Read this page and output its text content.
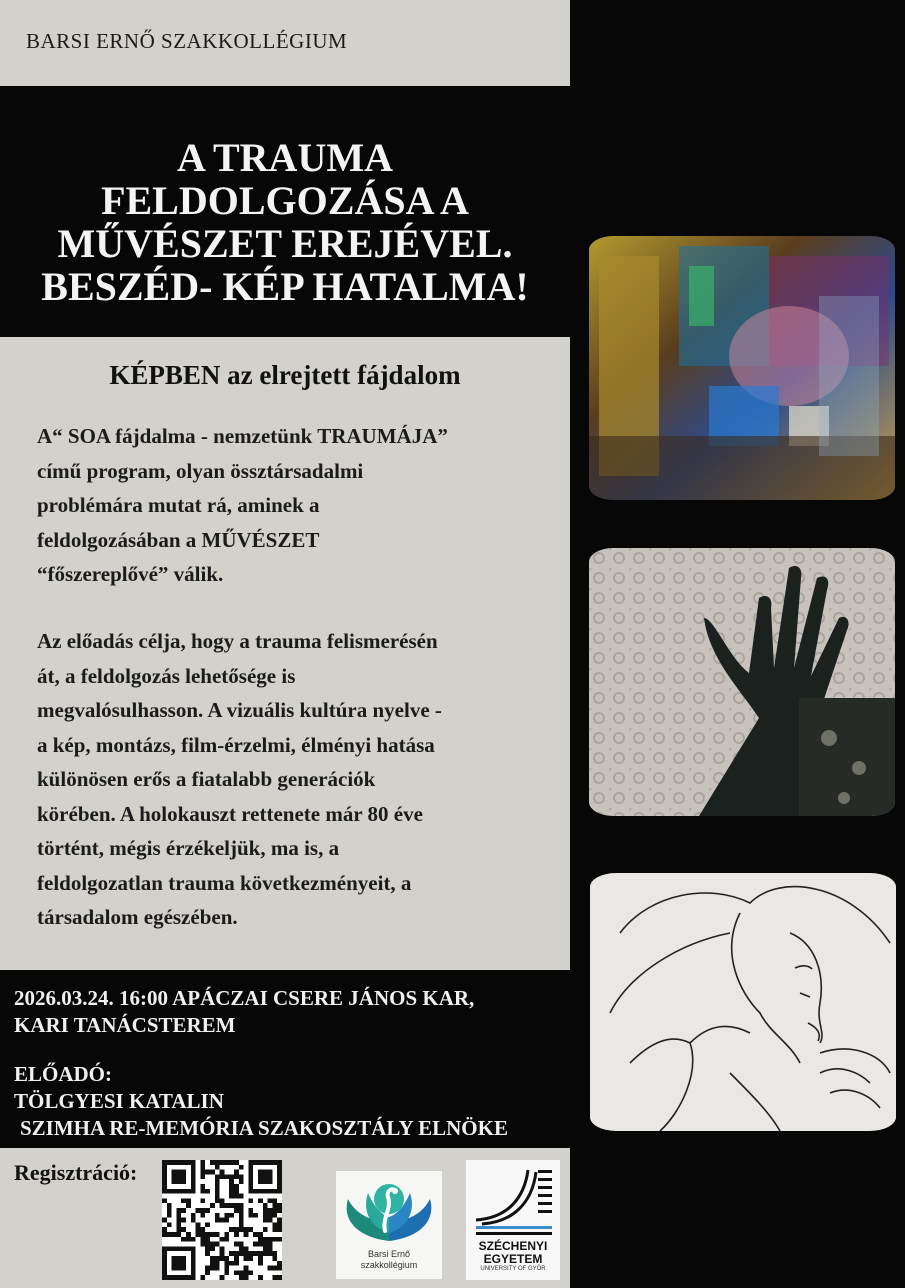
BARSI ERNŐ SZAKKOLLÉGIUM
A TRAUMA
FELDOLGOZÁSA A
MŰVÉSZET EREJÉVEL.
BESZÉD- KÉP HATALMA!
KÉPBEN az elrejtett fájdalom
A“ SOA fájdalma - nemzetünk TRAUMÁJA”
című program, olyan össztársadalmi
problémára mutat rá, aminek a
feldolgozásában a MŰVÉSZET
“főszereplővé” válik.
Az előadás célja, hogy a trauma felismerésén
át, a feldolgozás lehetősége is
megvalósulhasson. A vizuális kultúra nyelve -
a kép, montázs, film-érzelmi, élményi hatása
különösen erős a fiatalabb generációk
körében. A holokauszt rettenete már 80 éve
történt, mégis érzékeljük, ma is, a
feldolgozatlan trauma következményeit, a
társadalom egészében.
2026.03.24. 16:00 APÁCZAI CSERE JÁNOS KAR,
KARI TANÁCSTEREM
ELŐADÓ:
TÖLGYESI KATALIN
SZIMHA RE-MEMÓRIA SZAKOSZTÁLY ELNÖKE
Regisztráció:
Barsi Ernő
szakkollégium
SZÉCHENYI
EGYETEM
UNIVERSITY OF GYŐR
